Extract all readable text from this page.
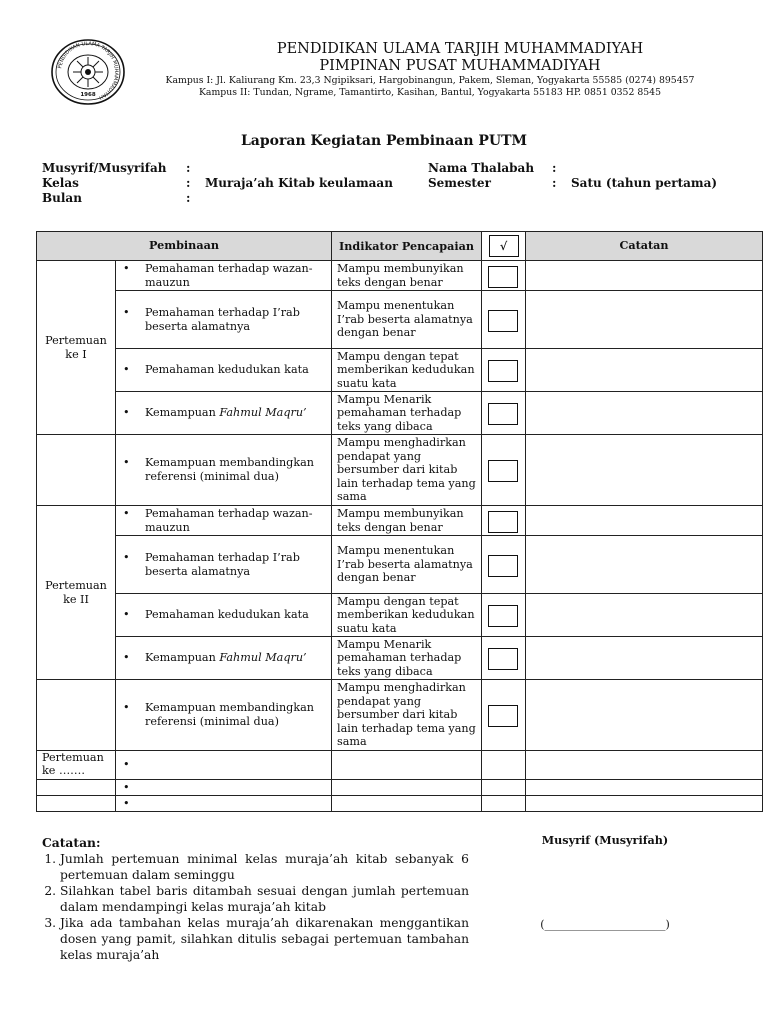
PENDIDIKAN ULAMA TARJIH MUHAMMADIYAH
1968
PENDIDIKAN ULAMA TARJIH MUHAMMADIYAH
PIMPINAN PUSAT MUHAMMADIYAH
Kampus I: Jl. Kaliurang Km. 23,3 Ngipiksari, Hargobinangun, Pakem, Sleman, Yogyakarta 55585 (0274) 895457
Kampus II: Tundan, Ngrame, Tamantirto, Kasihan, Bantul, Yogyakarta 55183 HP. 0851 0352 8545
Laporan Kegiatan Pembinaan PUTM
Musyrif/Musyrifah :
Kelas	: Muraja’ah Kitab keulamaan
Bulan	:
Nama Thalabah :
Semester	: Satu (tahun pertama)
Pembinaan		Indikator Pencapaian	√	Catatan
Pertemuan ke I	• Pemahaman terhadap wazan-mauzun	Mampu membunyikan teks dengan benar	

	• Pemahaman terhadap I’rab beserta alamatnya	Mampu menentukan I’rab beserta alamatnya dengan benar	

	• Pemahaman kedudukan kata	Mampu dengan tepat memberikan kedudukan suatu kata	

	• Kemampuan Fahmul Maqru’	Mampu Menarik pemahaman terhadap teks yang dibaca	

	• Kemampuan membandingkan referensi (minimal dua)	Mampu menghadirkan pendapat yang bersumber dari kitab lain terhadap tema yang sama	

Pertemuan ke II	• Pemahaman terhadap wazan-mauzun	Mampu membunyikan teks dengan benar	

	• Pemahaman terhadap I’rab beserta alamatnya	Mampu menentukan I’rab beserta alamatnya dengan benar	

	• Pemahaman kedudukan kata	Mampu dengan tepat memberikan kedudukan suatu kata	

	• Kemampuan Fahmul Maqru’	Mampu Menarik pemahaman terhadap teks yang dibaca	

	• Kemampuan membandingkan referensi (minimal dua)	Mampu menghadirkan pendapat yang bersumber dari kitab lain terhadap tema yang sama	

Pertemuan ke …….	•			
	•			
	•			
Catatan:
1. Jumlah pertemuan minimal kelas muraja’ah kitab sebanyak 6 pertemuan dalam seminggu
2. Silahkan tabel baris ditambah sesuai dengan jumlah pertemuan dalam mendampingi kelas muraja’ah kitab
3. Jika ada tambahan kelas muraja’ah dikarenakan menggantikan dosen yang pamit, silahkan ditulis sebagai pertemuan tambahan kelas muraja’ah
Musyrif (Musyrifah)
(______________________)
